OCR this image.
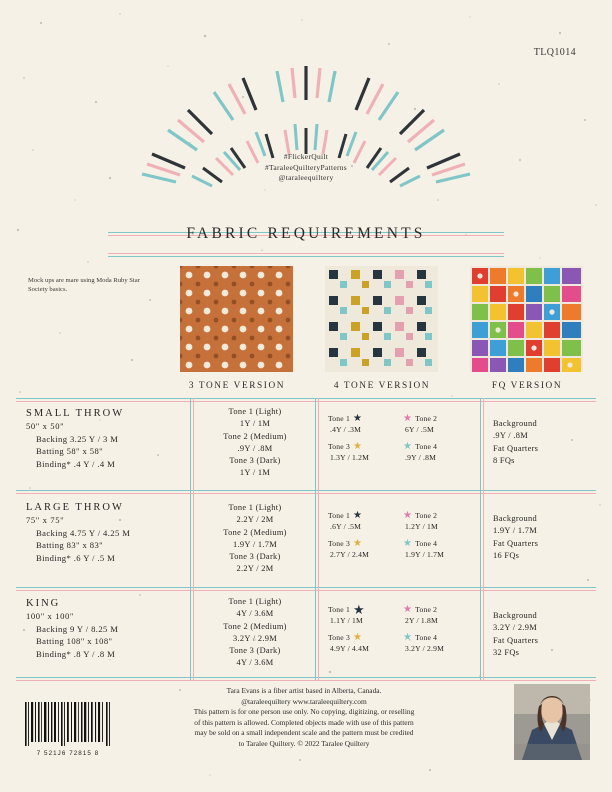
TLQ1014
#FlickerQuilt
#TaraleeQuilteryPatterns
@taraleequiltery
FABRIC REQUIREMENTS
Mock ups are mare using Moda Ruby Star Society basics.
3 TONE VERSION	4 TONE VERSION	FQ VERSION
SMALL THROW
50" x 50"
Backing 3.25 Y / 3 M
Batting 58" x 58"
Binding* .4 Y / .4 M
Tone 1 (Light)
1Y / 1M
Tone 2 (Medium)
.9Y / .8M
Tone 3 (Dark)
1Y / 1M
Tone 1 ★
.4Y / .3M
★ Tone 2
6Y / .5M
Tone 3 ★
1.3Y / 1.2M
★ Tone 4
.9Y / .8M
Background
.9Y / .8M
Fat Quarters
8 FQs
LARGE THROW
75" x 75"
Backing 4.75 Y / 4.25 M
Batting 83" x 83"
Binding* .6 Y / .5 M
Tone 1 (Light)
2.2Y / 2M
Tone 2 (Medium)
1.9Y / 1.7M
Tone 3 (Dark)
2.2Y / 2M
Tone 1 ★
.6Y / .5M
★ Tone 2
1.2Y / 1M
Tone 3 ★
2.7Y / 2.4M
★ Tone 4
1.9Y / 1.7M
Background
1.9Y / 1.7M
Fat Quarters
16 FQs
KING
100" x 100"
Backing 9 Y / 8.25 M
Batting 108" x 108"
Binding* .8 Y / .8 M
Tone 1 (Light)
4Y / 3.6M
Tone 2 (Medium)
3.2Y / 2.9M
Tone 3 (Dark)
4Y / 3.6M
Tone 1 ★
1.1Y / 1M
★ Tone 2
2Y / 1.8M
Tone 3 ★
4.9Y / 4.4M
★ Tone 4
3.2Y / 2.9M
Background
3.2Y / 2.9M
Fat Quarters
32 FQs
Tara Evans is a fiber artist based in Alberta, Canada.
@taraleequiltery www.taraleequiltery.com
This pattern is for one person use only. No copying, digitizing, or reselling
of this pattern is allowed. Completed objects made with use of this pattern
may be sold on a small independent scale and the pattern must be credited
to Taralee Quiltery. © 2022 Taralee Quiltery
7 521J6 72815 8
